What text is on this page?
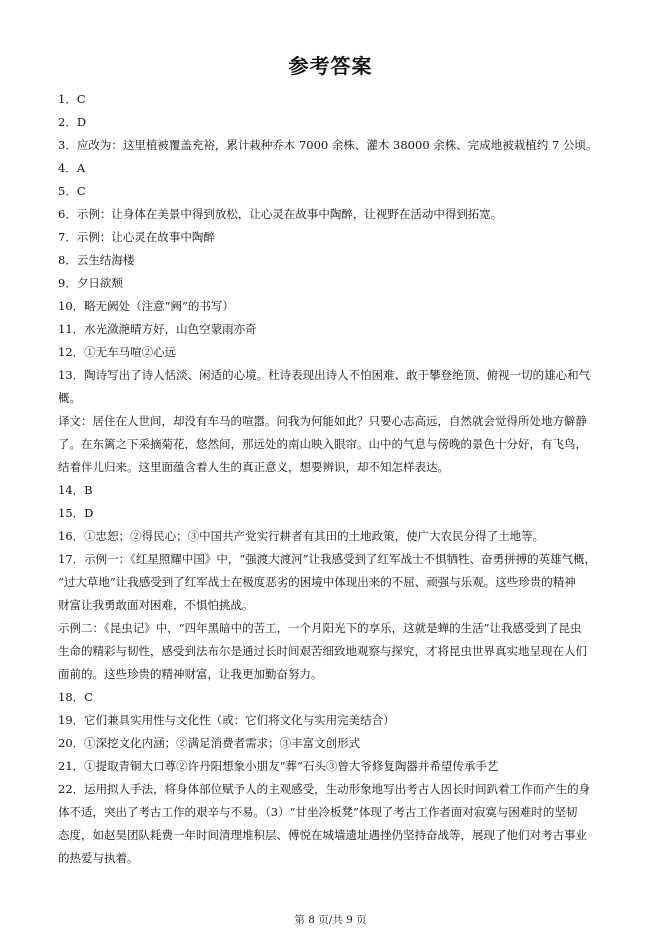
参考答案

1．C

2．D

3．应改为：这里植被覆盖充裕，累计栽种乔木 7000 余株、灌木 38000 余株、完成地被栽植约 7 公顷。

4．A

5．C

6．示例：让身体在美景中得到放松，让心灵在故事中陶醉，让视野在活动中得到拓宽。

7．示例：让心灵在故事中陶醉

8．云生结海楼

9．夕日欲颓

10．略无阙处（注意“阙”的书写）

11．水光潋滟晴方好，山色空蒙雨亦奇

12．①无车马喧②心远

13．陶诗写出了诗人恬淡、闲适的心境。杜诗表现出诗人不怕困难、敢于攀登绝顶、俯视一切的雄心和气

概。

译文：居住在人世间，却没有车马的喧嚣。问我为何能如此？只要心志高远，自然就会觉得所处地方僻静

了。在东篱之下采摘菊花，悠然间，那远处的南山映入眼帘。山中的气息与傍晚的景色十分好，有飞鸟，

结着伴儿归来。这里面蕴含着人生的真正意义，想要辨识，却不知怎样表达。

14．B

15．D

16．①忠恕；②得民心；③中国共产党实行耕者有其田的土地政策，使广大农民分得了土地等。

17．示例一：《红星照耀中国》中，“强渡大渡河”让我感受到了红军战士不惧牺牲、奋勇拼搏的英雄气概，

“过大草地”让我感受到了红军战士在极度恶劣的困境中体现出来的不屈、顽强与乐观。这些珍贵的精神

财富让我勇敢面对困难，不惧怕挑战。

示例二：《昆虫记》中，“四年黑暗中的苦工，一个月阳光下的享乐，这就是蝉的生活”让我感受到了昆虫

生命的精彩与韧性，感受到法布尔是通过长时间艰苦细致地观察与探究，才将昆虫世界真实地呈现在人们

面前的。这些珍贵的精神财富，让我更加勤奋努力。

18．C

19．它们兼具实用性与文化性（或：它们将文化与实用完美结合）

20．①深挖文化内涵；②满足消费者需求；③丰富文创形式

21．①提取青铜大口尊②许丹阳想象小朋友“葬”石头③曾大爷修复陶器并希望传承手艺

22．运用拟人手法，将身体部位赋予人的主观感受，生动形象地写出考古人因长时间趴着工作而产生的身

体不适，突出了考古工作的艰辛与不易。（3）“甘坐冷板凳”体现了考古工作者面对寂寞与困难时的坚韧

态度，如赵昊团队耗费一年时间清理堆积层、傅悦在城墙遗址遇挫仍坚持奋战等，展现了他们对考古事业

的热爱与执着。

第 8 页/共 9 页
